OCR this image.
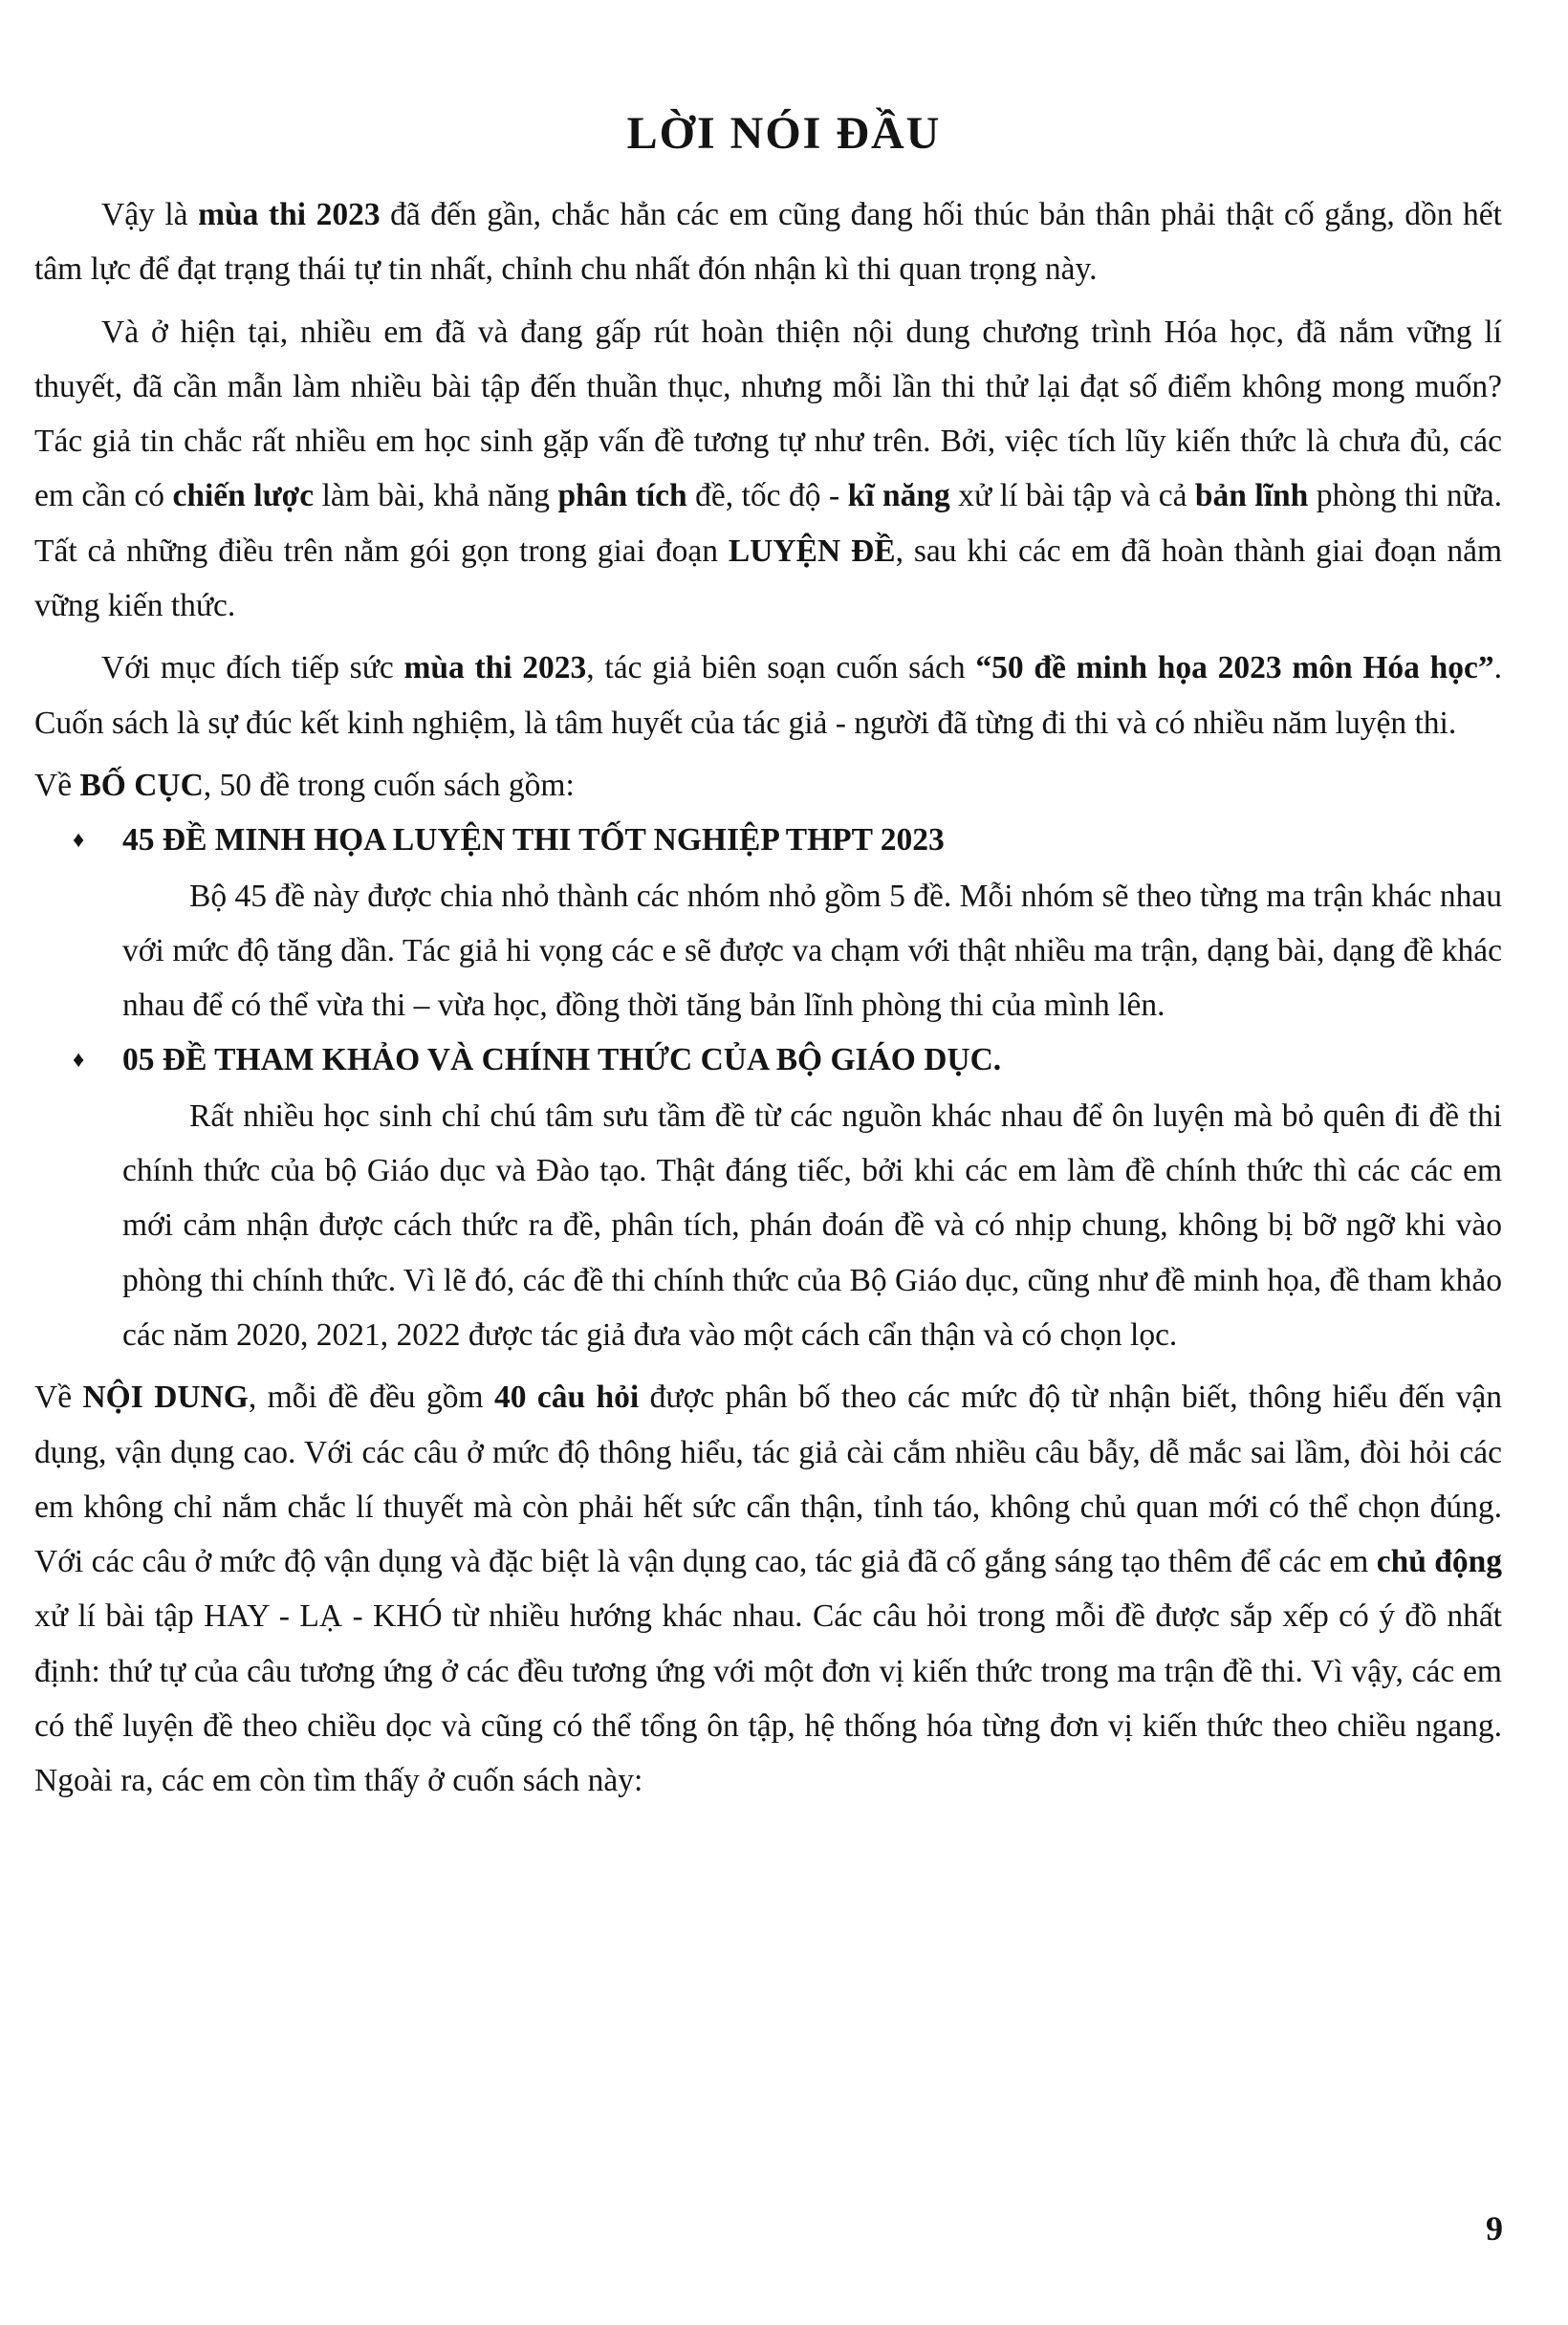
LỜI NÓI ĐẦU

Vậy là mùa thi 2023 đã đến gần, chắc hẳn các em cũng đang hối thúc bản thân phải thật cố gắng, dồn hết tâm lực để đạt trạng thái tự tin nhất, chỉnh chu nhất đón nhận kì thi quan trọng này.

Và ở hiện tại, nhiều em đã và đang gấp rút hoàn thiện nội dung chương trình Hóa học, đã nắm vững lí thuyết, đã cần mẫn làm nhiều bài tập đến thuần thục, nhưng mỗi lần thi thử lại đạt số điểm không mong muốn? Tác giả tin chắc rất nhiều em học sinh gặp vấn đề tương tự như trên. Bởi, việc tích lũy kiến thức là chưa đủ, các em cần có chiến lược làm bài, khả năng phân tích đề, tốc độ - kĩ năng xử lí bài tập và cả bản lĩnh phòng thi nữa. Tất cả những điều trên nằm gói gọn trong giai đoạn LUYỆN ĐỀ, sau khi các em đã hoàn thành giai đoạn nắm vững kiến thức.

Với mục đích tiếp sức mùa thi 2023, tác giả biên soạn cuốn sách “50 đề minh họa 2023 môn Hóa học”. Cuốn sách là sự đúc kết kinh nghiệm, là tâm huyết của tác giả - người đã từng đi thi và có nhiều năm luyện thi.

Về BỐ CỤC, 50 đề trong cuốn sách gồm:

♦ 45 ĐỀ MINH HỌA LUYỆN THI TỐT NGHIỆP THPT 2023

Bộ 45 đề này được chia nhỏ thành các nhóm nhỏ gồm 5 đề. Mỗi nhóm sẽ theo từng ma trận khác nhau với mức độ tăng dần. Tác giả hi vọng các e sẽ được va chạm với thật nhiều ma trận, dạng bài, dạng đề khác nhau để có thể vừa thi – vừa học, đồng thời tăng bản lĩnh phòng thi của mình lên.

♦ 05 ĐỀ THAM KHẢO VÀ CHÍNH THỨC CỦA BỘ GIÁO DỤC.

Rất nhiều học sinh chỉ chú tâm sưu tầm đề từ các nguồn khác nhau để ôn luyện mà bỏ quên đi đề thi chính thức của bộ Giáo dục và Đào tạo. Thật đáng tiếc, bởi khi các em làm đề chính thức thì các các em mới cảm nhận được cách thức ra đề, phân tích, phán đoán đề và có nhịp chung, không bị bỡ ngỡ khi vào phòng thi chính thức. Vì lẽ đó, các đề thi chính thức của Bộ Giáo dục, cũng như đề minh họa, đề tham khảo các năm 2020, 2021, 2022 được tác giả đưa vào một cách cẩn thận và có chọn lọc.

Về NỘI DUNG, mỗi đề đều gồm 40 câu hỏi được phân bố theo các mức độ từ nhận biết, thông hiểu đến vận dụng, vận dụng cao. Với các câu ở mức độ thông hiểu, tác giả cài cắm nhiều câu bẫy, dễ mắc sai lầm, đòi hỏi các em không chỉ nắm chắc lí thuyết mà còn phải hết sức cẩn thận, tỉnh táo, không chủ quan mới có thể chọn đúng. Với các câu ở mức độ vận dụng và đặc biệt là vận dụng cao, tác giả đã cố gắng sáng tạo thêm để các em chủ động xử lí bài tập HAY - LẠ - KHÓ từ nhiều hướng khác nhau. Các câu hỏi trong mỗi đề được sắp xếp có ý đồ nhất định: thứ tự của câu tương ứng ở các đều tương ứng với một đơn vị kiến thức trong ma trận đề thi. Vì vậy, các em có thể luyện đề theo chiều dọc và cũng có thể tổng ôn tập, hệ thống hóa từng đơn vị kiến thức theo chiều ngang. Ngoài ra, các em còn tìm thấy ở cuốn sách này:

9
